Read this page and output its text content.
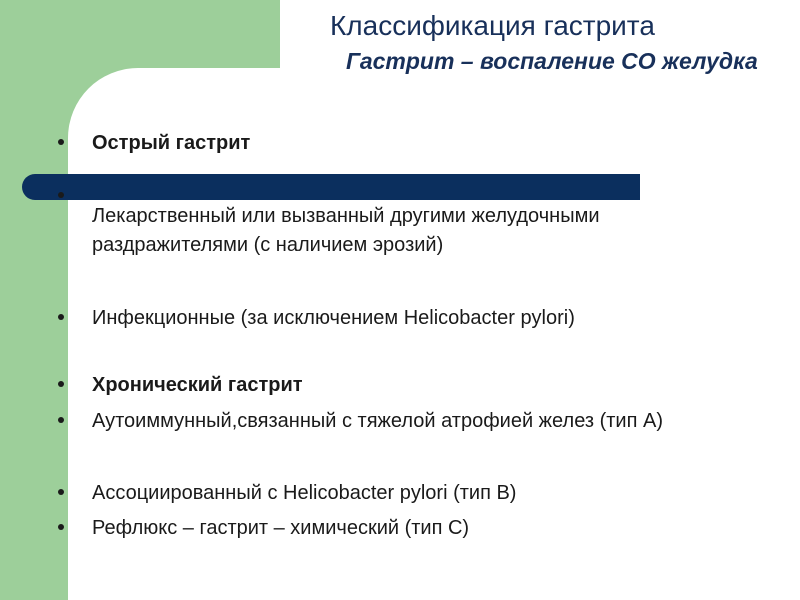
Классификация гастрита
Гастрит – воспаление СО желудка
Острый гастрит
Лекарственный или вызванный другими желудочными раздражителями (с наличием эрозий)
Инфекционные (за исключением Helicobacter pylori)
Хронический гастрит
Аутоиммунный,связанный с тяжелой атрофией желез (тип А)
Ассоциированный с Helicobacter pylori (тип В)
Рефлюкс – гастрит – химический (тип С)
